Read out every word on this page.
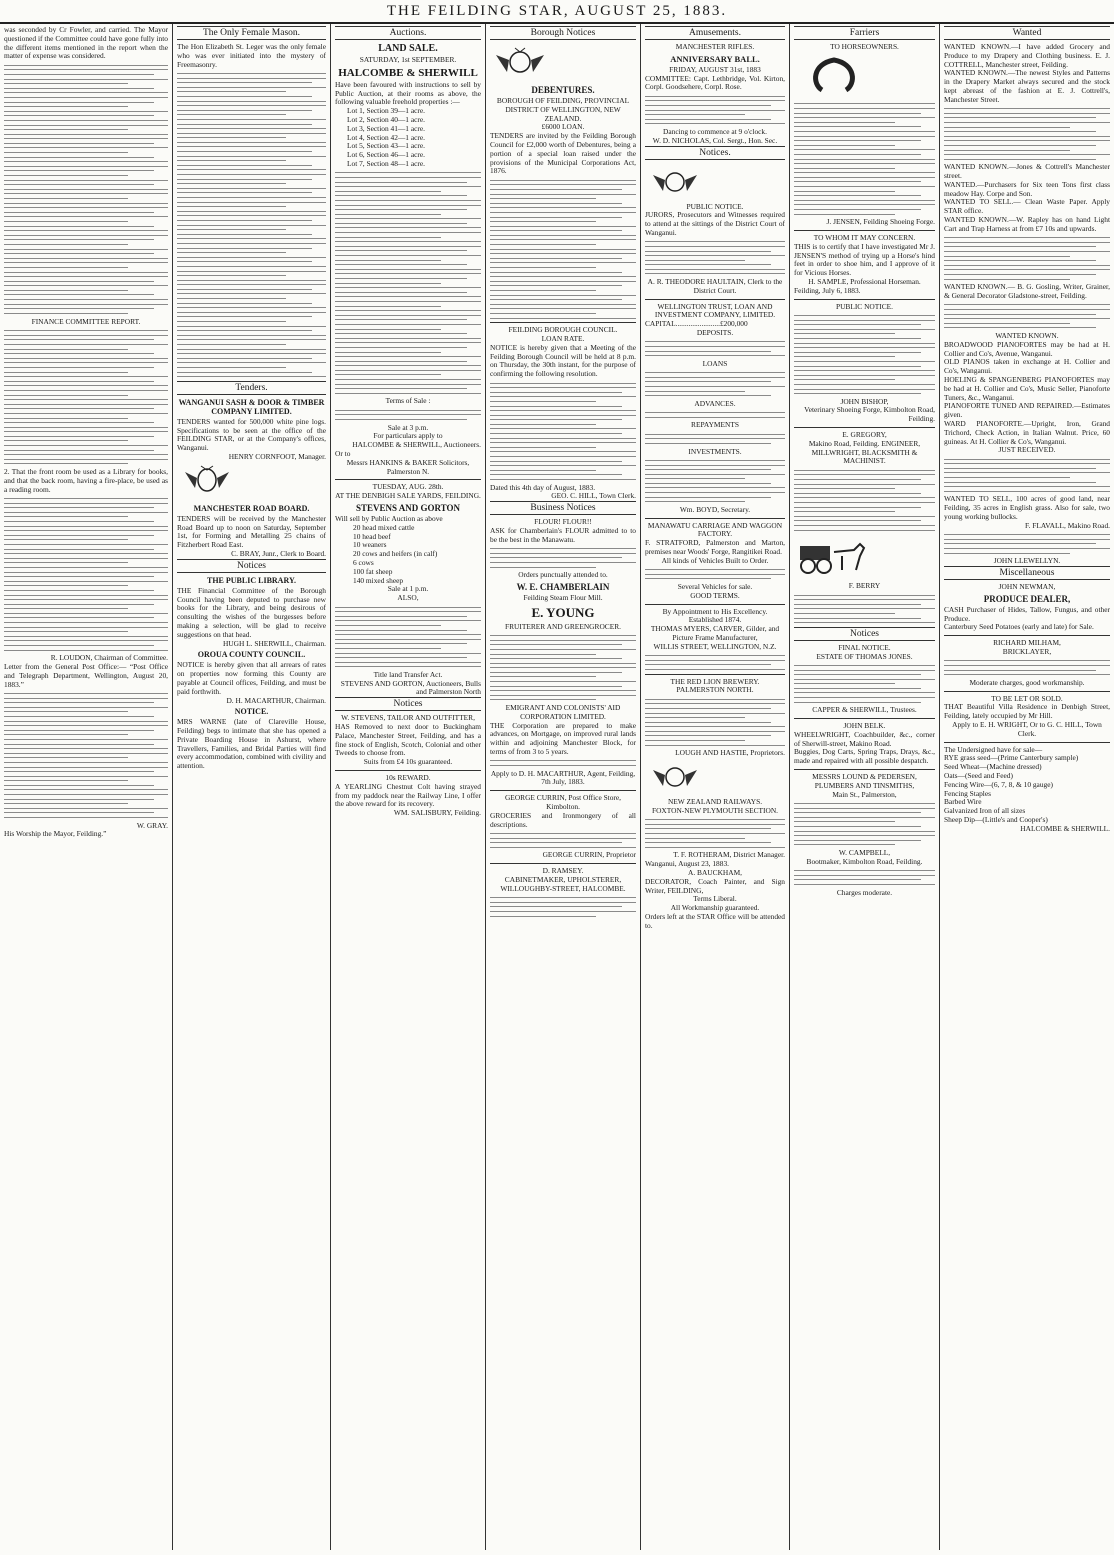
THE FEILDING STAR, AUGUST 25, 1883.

was seconded by Cr Fowler, and carried. The Mayor questioned if the Committee could have gone fully into the different items mentioned in the report when the matter of expense was considered.

FINANCE COMMITTEE REPORT.

2. That the front room be used as a Library for books, and that the back room, having a fire-place, be used as a reading room.

R. LOUDON, Chairman of Committee.

Letter from the General Post Office:— “Post Office and Telegraph Department, Wellington, August 20, 1883.”

W. GRAY.

His Worship the Mayor, Feilding.”

The Only Female Mason.

The Hon Elizabeth St. Leger was the only female who was ever initiated into the mystery of Freemasonry.

Tenders.
WANGANUI SASH & DOOR & TIMBER COMPANY LIMITED.

TENDERS wanted for 500,000 white pine logs. Specifications to be seen at the office of the FEILDING STAR, or at the Company's offices, Wanganui.

HENRY CORNFOOT, Manager.

MANCHESTER ROAD BOARD.

TENDERS will be received by the Manchester Road Board up to noon on Saturday, September 1st, for Forming and Metalling 25 chains of Fitzherbert Road East.

C. BRAY, Junr., Clerk to Board.

Notices
THE PUBLIC LIBRARY.

THE Financial Committee of the Borough Council having been deputed to purchase new books for the Library, and being desirous of consulting the wishes of the burgesses before making a selection, will be glad to receive suggestions on that head.

HUGH L. SHERWILL, Chairman.

OROUA COUNTY COUNCIL.

NOTICE is hereby given that all arrears of rates on properties now forming this County are payable at Council offices, Feilding, and must be paid forthwith.

D. H. MACARTHUR, Chairman.

NOTICE.

MRS WARNE (late of Clareville House, Feilding) begs to intimate that she has opened a Private Boarding House in Ashurst, where Travellers, Families, and Bridal Parties will find every accommodation, combined with civility and attention.

Auctions.
LAND SALE.

SATURDAY, 1st SEPTEMBER.

HALCOMBE & SHERWILL

Have been favoured with instructions to sell by Public Auction, at their rooms as above, the following valuable freehold properties :—

Lot 1, Section 39—1 acre.

Lot 2, Section 40—1 acre.

Lot 3, Section 41—1 acre.

Lot 4, Section 42—1 acre.

Lot 5, Section 43—1 acre.

Lot 6, Section 46—1 acre.

Lot 7, Section 48—1 acre.

Terms of Sale :

Sale at 3 p.m.

For particulars apply to

HALCOMBE & SHERWILL, Auctioneers.

Or to

Messrs HANKINS & BAKER Solicitors, Palmerston N.

TUESDAY, AUG. 28th.

AT THE DENBIGH SALE YARDS, FEILDING.

STEVENS AND GORTON

Will sell by Public Auction as above

20 head mixed cattle

10 head beef

10 weaners

20 cows and heifers (in calf)

6 cows

100 fat sheep

140 mixed sheep

Sale at 1 p.m.

ALSO,

Title land Transfer Act.

STEVENS AND GORTON, Auctioneers, Bulls and Palmerston North

Notices

W. STEVENS, TAILOR AND OUTFITTER,

HAS Removed to next door to Buckingham Palace, Manchester Street, Feilding, and has a fine stock of English, Scotch, Colonial and other Tweeds to choose from.

Suits from £4 10s guaranteed.

10s REWARD.

A YEARLING Chestnut Colt having strayed from my paddock near the Railway Line, I offer the above reward for its recovery.

WM. SALISBURY, Feilding.

Borough Notices
DEBENTURES.

BOROUGH OF FEILDING, PROVINCIAL DISTRICT OF WELLINGTON, NEW ZEALAND.

£6000 LOAN.

TENDERS are invited by the Feilding Borough Council for £2,000 worth of Debentures, being a portion of a special loan raised under the provisions of the Municipal Corporations Act, 1876.

FEILDING BOROUGH COUNCIL.

LOAN RATE.

NOTICE is hereby given that a Meeting of the Feilding Borough Council will be held at 8 p.m. on Thursday, the 30th instant, for the purpose of confirming the following resolution.

Dated this 4th day of August, 1883.

GEO. C. HILL, Town Clerk.

Business Notices

FLOUR! FLOUR!!

ASK for Chamberlain's FLOUR admitted to to be the best in the Manawatu.

Orders punctually attended to.

W. E. CHAMBERLAIN

Feilding Steam Flour Mill.

E. YOUNG

FRUITERER AND GREENGROCER.

EMIGRANT AND COLONISTS' AID CORPORATION LIMITED.

THE Corporation are prepared to make advances, on Mortgage, on improved rural lands within and adjoining Manchester Block, for terms of from 3 to 5 years.

Apply to D. H. MACARTHUR, Agent, Feilding, 7th July, 1883.

GEORGE CURRIN, Post Office Store, Kimbolton.

GROCERIES and Ironmongery of all descriptions.

GEORGE CURRIN, Proprietor

D. RAMSEY.

CABINETMAKER, UPHOLSTERER, WILLOUGHBY-STREET, HALCOMBE.

Amusements.

MANCHESTER RIFLES.

ANNIVERSARY BALL.

FRIDAY, AUGUST 31st, 1883

COMMITTEE: Capt. Lethbridge, Vol. Kirton, Corpl. Goodsehere, Corpl. Rose.

Dancing to commence at 9 o'clock.

W. D. NICHOLAS, Col. Sergt., Hon. Sec.

Notices.

PUBLIC NOTICE.

JURORS, Prosecutors and Witnesses required to attend at the sittings of the District Court of Wanganui.

A. R. THEODORE HAULTAIN, Clerk to the District Court.

WELLINGTON TRUST, LOAN AND INVESTMENT COMPANY, LIMITED.

CAPITAL........................£200,000

DEPOSITS.

LOANS

ADVANCES.

REPAYMENTS

INVESTMENTS.

Wm. BOYD, Secretary.

MANAWATU CARRIAGE AND WAGGON FACTORY.

F. STRATFORD, Palmerston and Marton, premises near Woods' Forge, Rangitikei Road.

All kinds of Vehicles Built to Order.

Several Vehicles for sale.

GOOD TERMS.

By Appointment to His Excellency. Established 1874.

THOMAS MYERS, CARVER, Gilder, and Picture Frame Manufacturer,

WILLIS STREET, WELLINGTON, N.Z.

THE RED LION BREWERY.

PALMERSTON NORTH.

LOUGH AND HASTIE, Proprietors.

NEW ZEALAND RAILWAYS.

FOXTON-NEW PLYMOUTH SECTION.

T. F. ROTHERAM, District Manager.

Wanganui, August 23, 1883.

A. BAUCKHAM,

DECORATOR, Coach Painter, and Sign Writer, FEILDING,

Terms Liberal.

All Workmanship guaranteed.

Orders left at the STAR Office will be attended to.

Farriers

TO HORSEOWNERS.

J. JENSEN, Feilding Shoeing Forge.

TO WHOM IT MAY CONCERN.

THIS is to certify that I have investigated Mr J. JENSEN'S method of trying up a Horse's hind feet in order to shoe him, and I approve of it for Vicious Horses.

H. SAMPLE, Professional Horseman.

Feilding, July 6, 1883.

PUBLIC NOTICE.

JOHN BISHOP,

Veterinary Shoeing Forge, Kimbolton Road, Feilding.

E. GREGORY,

Makino Road, Feilding. ENGINEER, MILLWRIGHT, BLACKSMITH & MACHINIST.

F. BERRY

Notices

FINAL NOTICE.

ESTATE OF THOMAS JONES.

CAPPER & SHERWILL, Trustees.

JOHN BELK.

WHEELWRIGHT, Coachbuilder, &c., corner of Sherwill-street, Makino Road.

Buggies, Dog Carts, Spring Traps, Drays, &c., made and repaired with all possible despatch.

MESSRS LOUND & PEDERSEN,

PLUMBERS AND TINSMITHS,

Main St., Palmerston,

W. CAMPBELL,

Bootmaker, Kimbolton Road, Feilding.

Charges moderate.

Wanted

WANTED KNOWN.—I have added Grocery and Produce to my Drapery and Clothing business. E. J. COTTRELL, Manchester street, Feilding.

WANTED KNOWN.—The newest Styles and Patterns in the Drapery Market always secured and the stock kept abreast of the fashion at E. J. Cottrell's, Manchester Street.

WANTED KNOWN.—Jones & Cottrell's Manchester street.

WANTED.—Purchasers for Six teen Tons first class meadow Hay. Corpe and Son.

WANTED TO SELL.— Clean Waste Paper. Apply STAR office.

WANTED KNOWN.—W. Rapley has on hand Light Cart and Trap Harness at from £7 10s and upwards.

WANTED KNOWN.— B. G. Gosling, Writer, Grainer, & General Decorator Gladstone-street, Feilding.

WANTED KNOWN.

BROADWOOD PIANOFORTES may be had at H. Collier and Co's, Avenue, Wanganui.

OLD PIANOS taken in exchange at H. Collier and Co's, Wanganui.

HOELING & SPANGENBERG PIANOFORTES may be had at H. Collier and Co's, Music Seller, Pianoforte Tuners, &c., Wanganui.

PIANOFORTE TUNED AND REPAIRED.—Estimates given.

WARD PIANOFORTE.—Upright, Iron, Grand Trichord, Check Action, in Italian Walnut. Price, 60 guineas. At H. Collier & Co's, Wanganui.

JUST RECEIVED.

WANTED TO SELL, 100 acres of good land, near Feilding, 35 acres in English grass. Also for sale, two young working bullocks.

F. FLAVALL, Makino Road.

JOHN LLEWELLYN.

Miscellaneous

JOHN NEWMAN,

PRODUCE DEALER,

CASH Purchaser of Hides, Tallow, Fungus, and other Produce.

Canterbury Seed Potatoes (early and late) for Sale.

RICHARD MILHAM,

BRICKLAYER,

Moderate charges, good workmanship.

TO BE LET OR SOLD.

THAT Beautiful Villa Residence in Denbigh Street, Feilding, lately occupied by Mr Hill.

Apply to E. H. WRIGHT, Or to G. C. HILL, Town Clerk.

The Undersigned have for sale—

RYE grass seed—(Prime Canterbury sample)

Seed Wheat—(Machine dressed)

Oats—(Seed and Feed)

Fencing Wire—(6, 7, 8, & 10 gauge)

Fencing Staples

Barbed Wire

Galvanized Iron of all sizes

Sheep Dip—(Little's and Cooper's)

HALCOMBE & SHERWILL.
